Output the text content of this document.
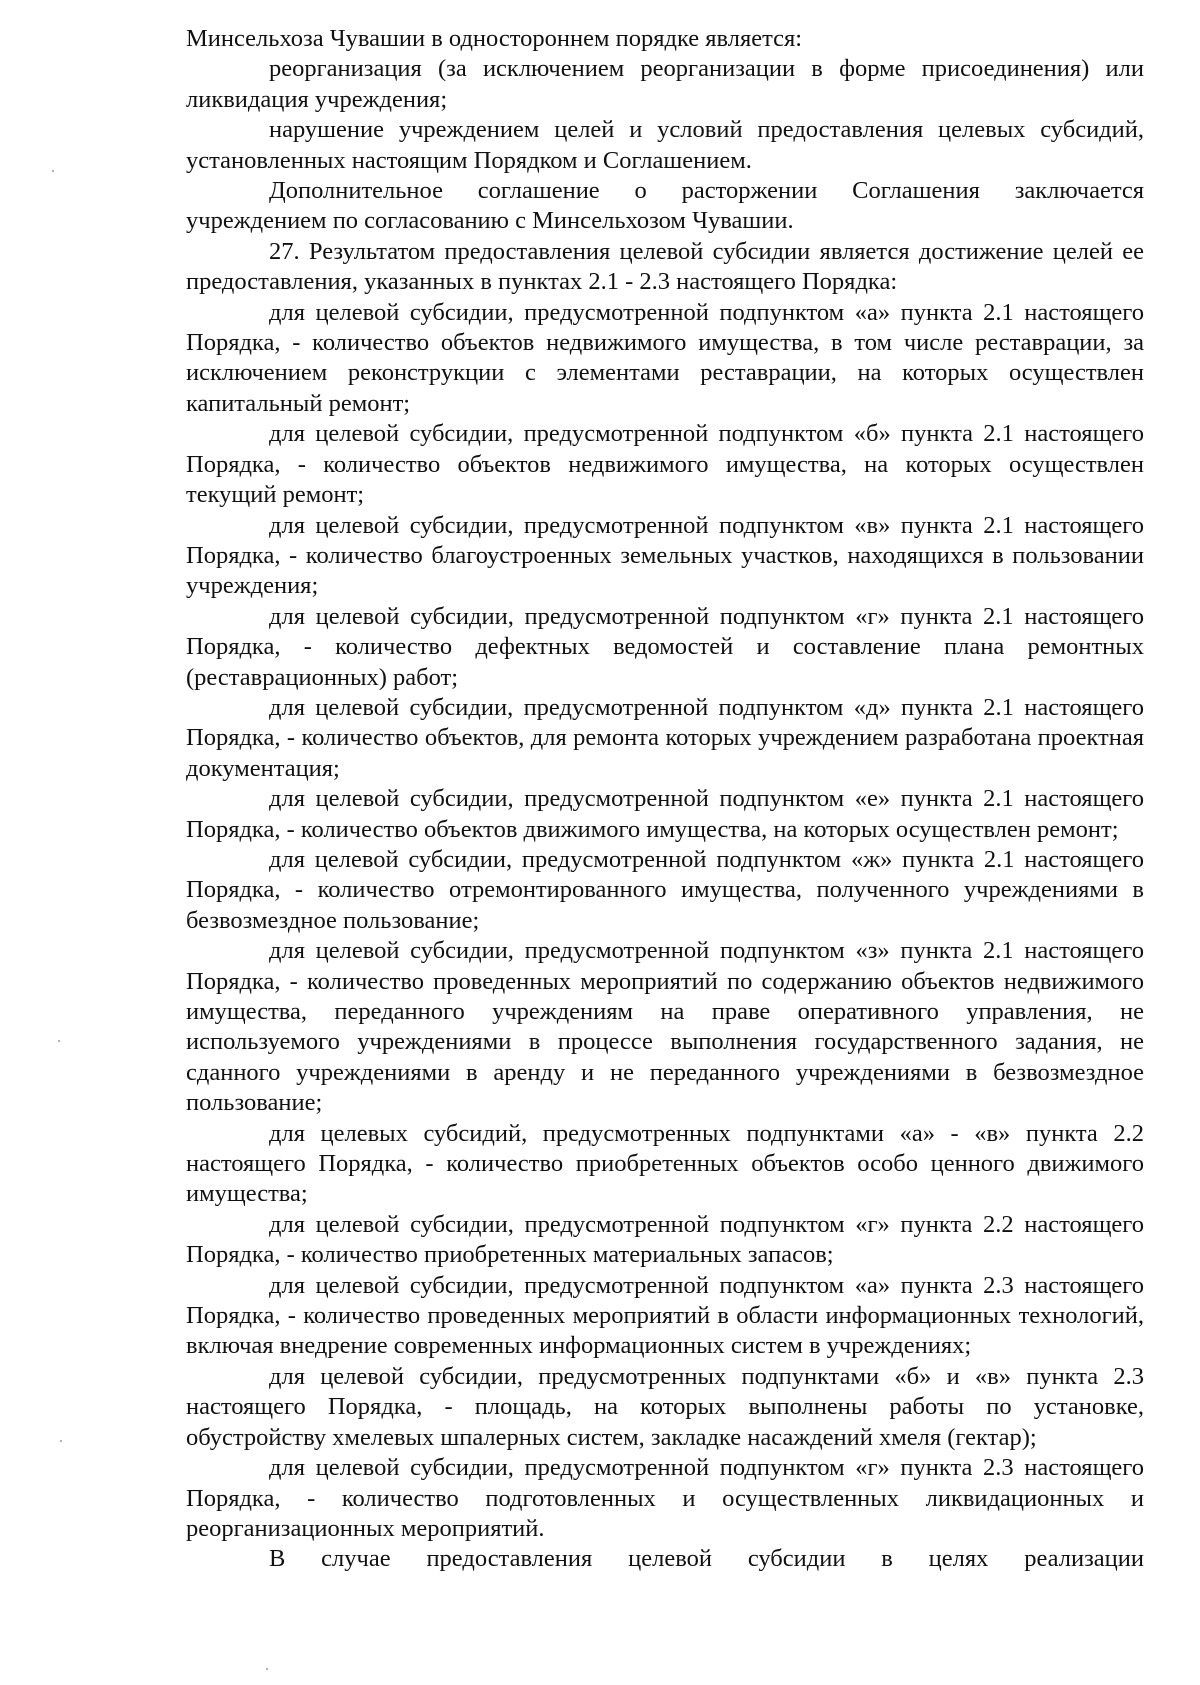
Минсельхоза Чувашии в одностороннем порядке является:

реорганизация (за исключением реорганизации в форме присоединения) или ликвидация учреждения;

нарушение учреждением целей и условий предоставления целевых субсидий, установленных настоящим Порядком и Соглашением.

Дополнительное соглашение о расторжении Соглашения заключается учреждением по согласованию с Минсельхозом Чувашии.

27. Результатом предоставления целевой субсидии является достижение целей ее предоставления, указанных в пунктах 2.1 - 2.3 настоящего Порядка:

для целевой субсидии, предусмотренной подпунктом «а» пункта 2.1 настоящего Порядка, - количество объектов недвижимого имущества, в том числе реставрации, за исключением реконструкции с элементами реставрации, на которых осуществлен капитальный ремонт;

для целевой субсидии, предусмотренной подпунктом «б» пункта 2.1 настоящего Порядка, - количество объектов недвижимого имущества, на которых осуществлен текущий ремонт;

для целевой субсидии, предусмотренной подпунктом «в» пункта 2.1 настоящего Порядка, - количество благоустроенных земельных участков, находящихся в пользовании учреждения;

для целевой субсидии, предусмотренной подпунктом «г» пункта 2.1 настоящего Порядка, - количество дефектных ведомостей и составление плана ремонтных (реставрационных) работ;

для целевой субсидии, предусмотренной подпунктом «д» пункта 2.1 настоящего Порядка, - количество объектов, для ремонта которых учреждением разработана проектная документация;

для целевой субсидии, предусмотренной подпунктом «е» пункта 2.1 настоящего Порядка, - количество объектов движимого имущества, на которых осуществлен ремонт;

для целевой субсидии, предусмотренной подпунктом «ж» пункта 2.1 настоящего Порядка, - количество отремонтированного имущества, полученного учреждениями в безвозмездное пользование;

для целевой субсидии, предусмотренной подпунктом «з» пункта 2.1 настоящего Порядка, - количество проведенных мероприятий по содержанию объектов недвижимого имущества, переданного учреждениям на праве оперативного управления, не используемого учреждениями в процессе выполнения государственного задания, не сданного учреждениями в аренду и не переданного учреждениями в безвозмездное пользование;

для целевых субсидий, предусмотренных подпунктами «а» - «в» пункта 2.2 настоящего Порядка, - количество приобретенных объектов особо ценного движимого имущества;

для целевой субсидии, предусмотренной подпунктом «г» пункта 2.2 настоящего Порядка, - количество приобретенных материальных запасов;

для целевой субсидии, предусмотренной подпунктом «а» пункта 2.3 настоящего Порядка, - количество проведенных мероприятий в области информационных технологий, включая внедрение современных информационных систем в учреждениях;

для целевой субсидии, предусмотренных подпунктами «б» и «в» пункта 2.3 настоящего Порядка, - площадь, на которых выполнены работы по установке, обустройству хмелевых шпалерных систем, закладке насаждений хмеля (гектар);

для целевой субсидии, предусмотренной подпунктом «г» пункта 2.3 настоящего Порядка, - количество подготовленных и осуществленных ликвидационных и реорганизационных мероприятий.

В случае предоставления целевой субсидии в целях реализации
